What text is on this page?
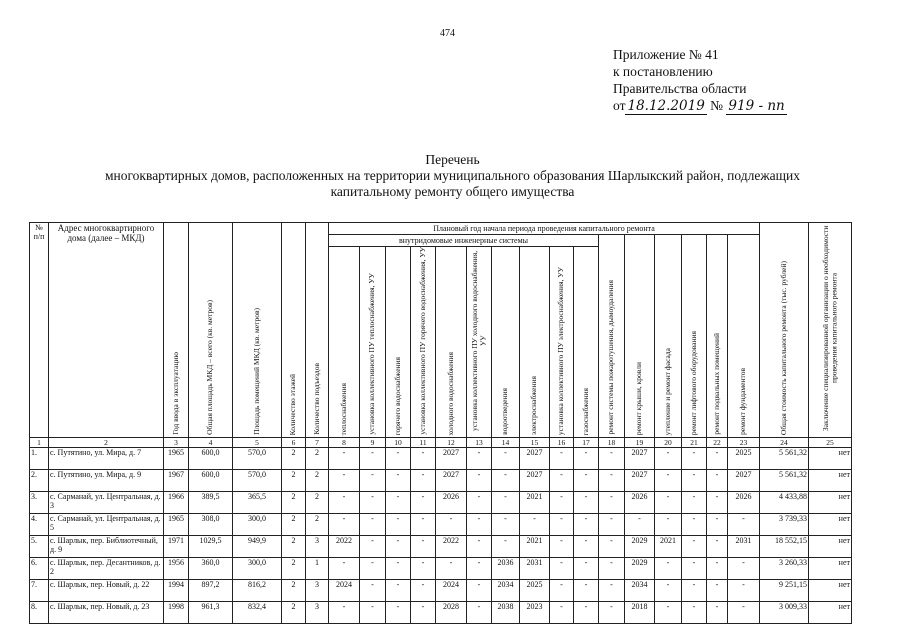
474
Приложение № 41
к постановлению
Правительства области
от 18.12.2019 № 919 - пп
Перечень
многоквартирных домов, расположенных на территории муниципального образования Шарлыкский район, подлежащих
капитальному ремонту общего имущества
№ п/п	Адрес многоквартирного дома (далее – МКД)	Год ввода в эксплуатацию	Общая площадь МКД – всего (кв. метров)	Площадь помещений МКД (кв. метров)	Количество этажей	Количество подъездов	Плановый год начала периода проведения капитального ремонта																Общая стоимость капитального ремонта (тыс. рублей)	Заключение специализированной организации о необходимости проведения капитального ремонта
							внутридомовые инженерные системы										ремонт системы пожаротушения, дымоудаления	ремонт крыши, кровли	утепление и ремонт фасада	ремонт лифтового оборудования	ремонт подвальных помещений	ремонт фундаментов		
							теплоснабжения	установка коллективного ПУ теплоснабжения, УУ	горячего водоснабжения	установка коллективного ПУ горячего водоснабжения, УУ	холодного водоснабжения	установка коллективного ПУ холодного водоснабжения, УУ	водоотведения	электроснабжения	установка коллективного ПУ электроснабжения, УУ	газоснабжения								
1	2	3	4	5	6	7	8	9	10	11	12	13	14	15	16	17	18	19	20	21	22	23	24	25
1.	с. Путятино, ул. Мира, д. 7	1965	600,0	570,0	2	2	-	-	-	-	2027	-	-	2027	-	-	-	2027	-	-	-	2025	5 561,32	нет
2.	с. Путятино, ул. Мира, д. 9	1967	600,0	570,0	2	2	-	-	-	-	2027	-	-	2027	-	-	-	2027	-	-	-	2027	5 561,32	нет
3.	с. Сарманай, ул. Центральная, д. 3	1966	389,5	365,5	2	2	-	-	-	-	2026	-	-	2021	-	-	-	2026	-	-	-	2026	4 433,88	нет
4.	с. Сарманай, ул. Центральная, д. 5	1965	308,0	300,0	2	2	-	-	-	-	-	-	-	-	-	-	-	-	-	-	-	-	3 739,33	нет
5.	с. Шарлык, пер. Библиотечный, д. 9	1971	1029,5	949,9	2	3	2022	-	-	-	2022	-	-	2021	-	-	-	2029	2021	-	-	2031	18 552,15	нет
6.	с. Шарлык, пер. Десантников, д. 2	1956	360,0	300,0	2	1	-	-	-	-	-	-	2036	2031	-	-	-	2029	-	-	-	-	3 260,33	нет
7.	с. Шарлык, пер. Новый, д. 22	1994	897,2	816,2	2	3	2024	-	-	-	2024	-	2034	2025	-	-	-	2034	-	-	-	-	9 251,15	нет
8.	с. Шарлык, пер. Новый, д. 23	1998	961,3	832,4	2	3	-	-	-	-	2028	-	2038	2023	-	-	-	2018	-	-	-	-	3 009,33	нет
